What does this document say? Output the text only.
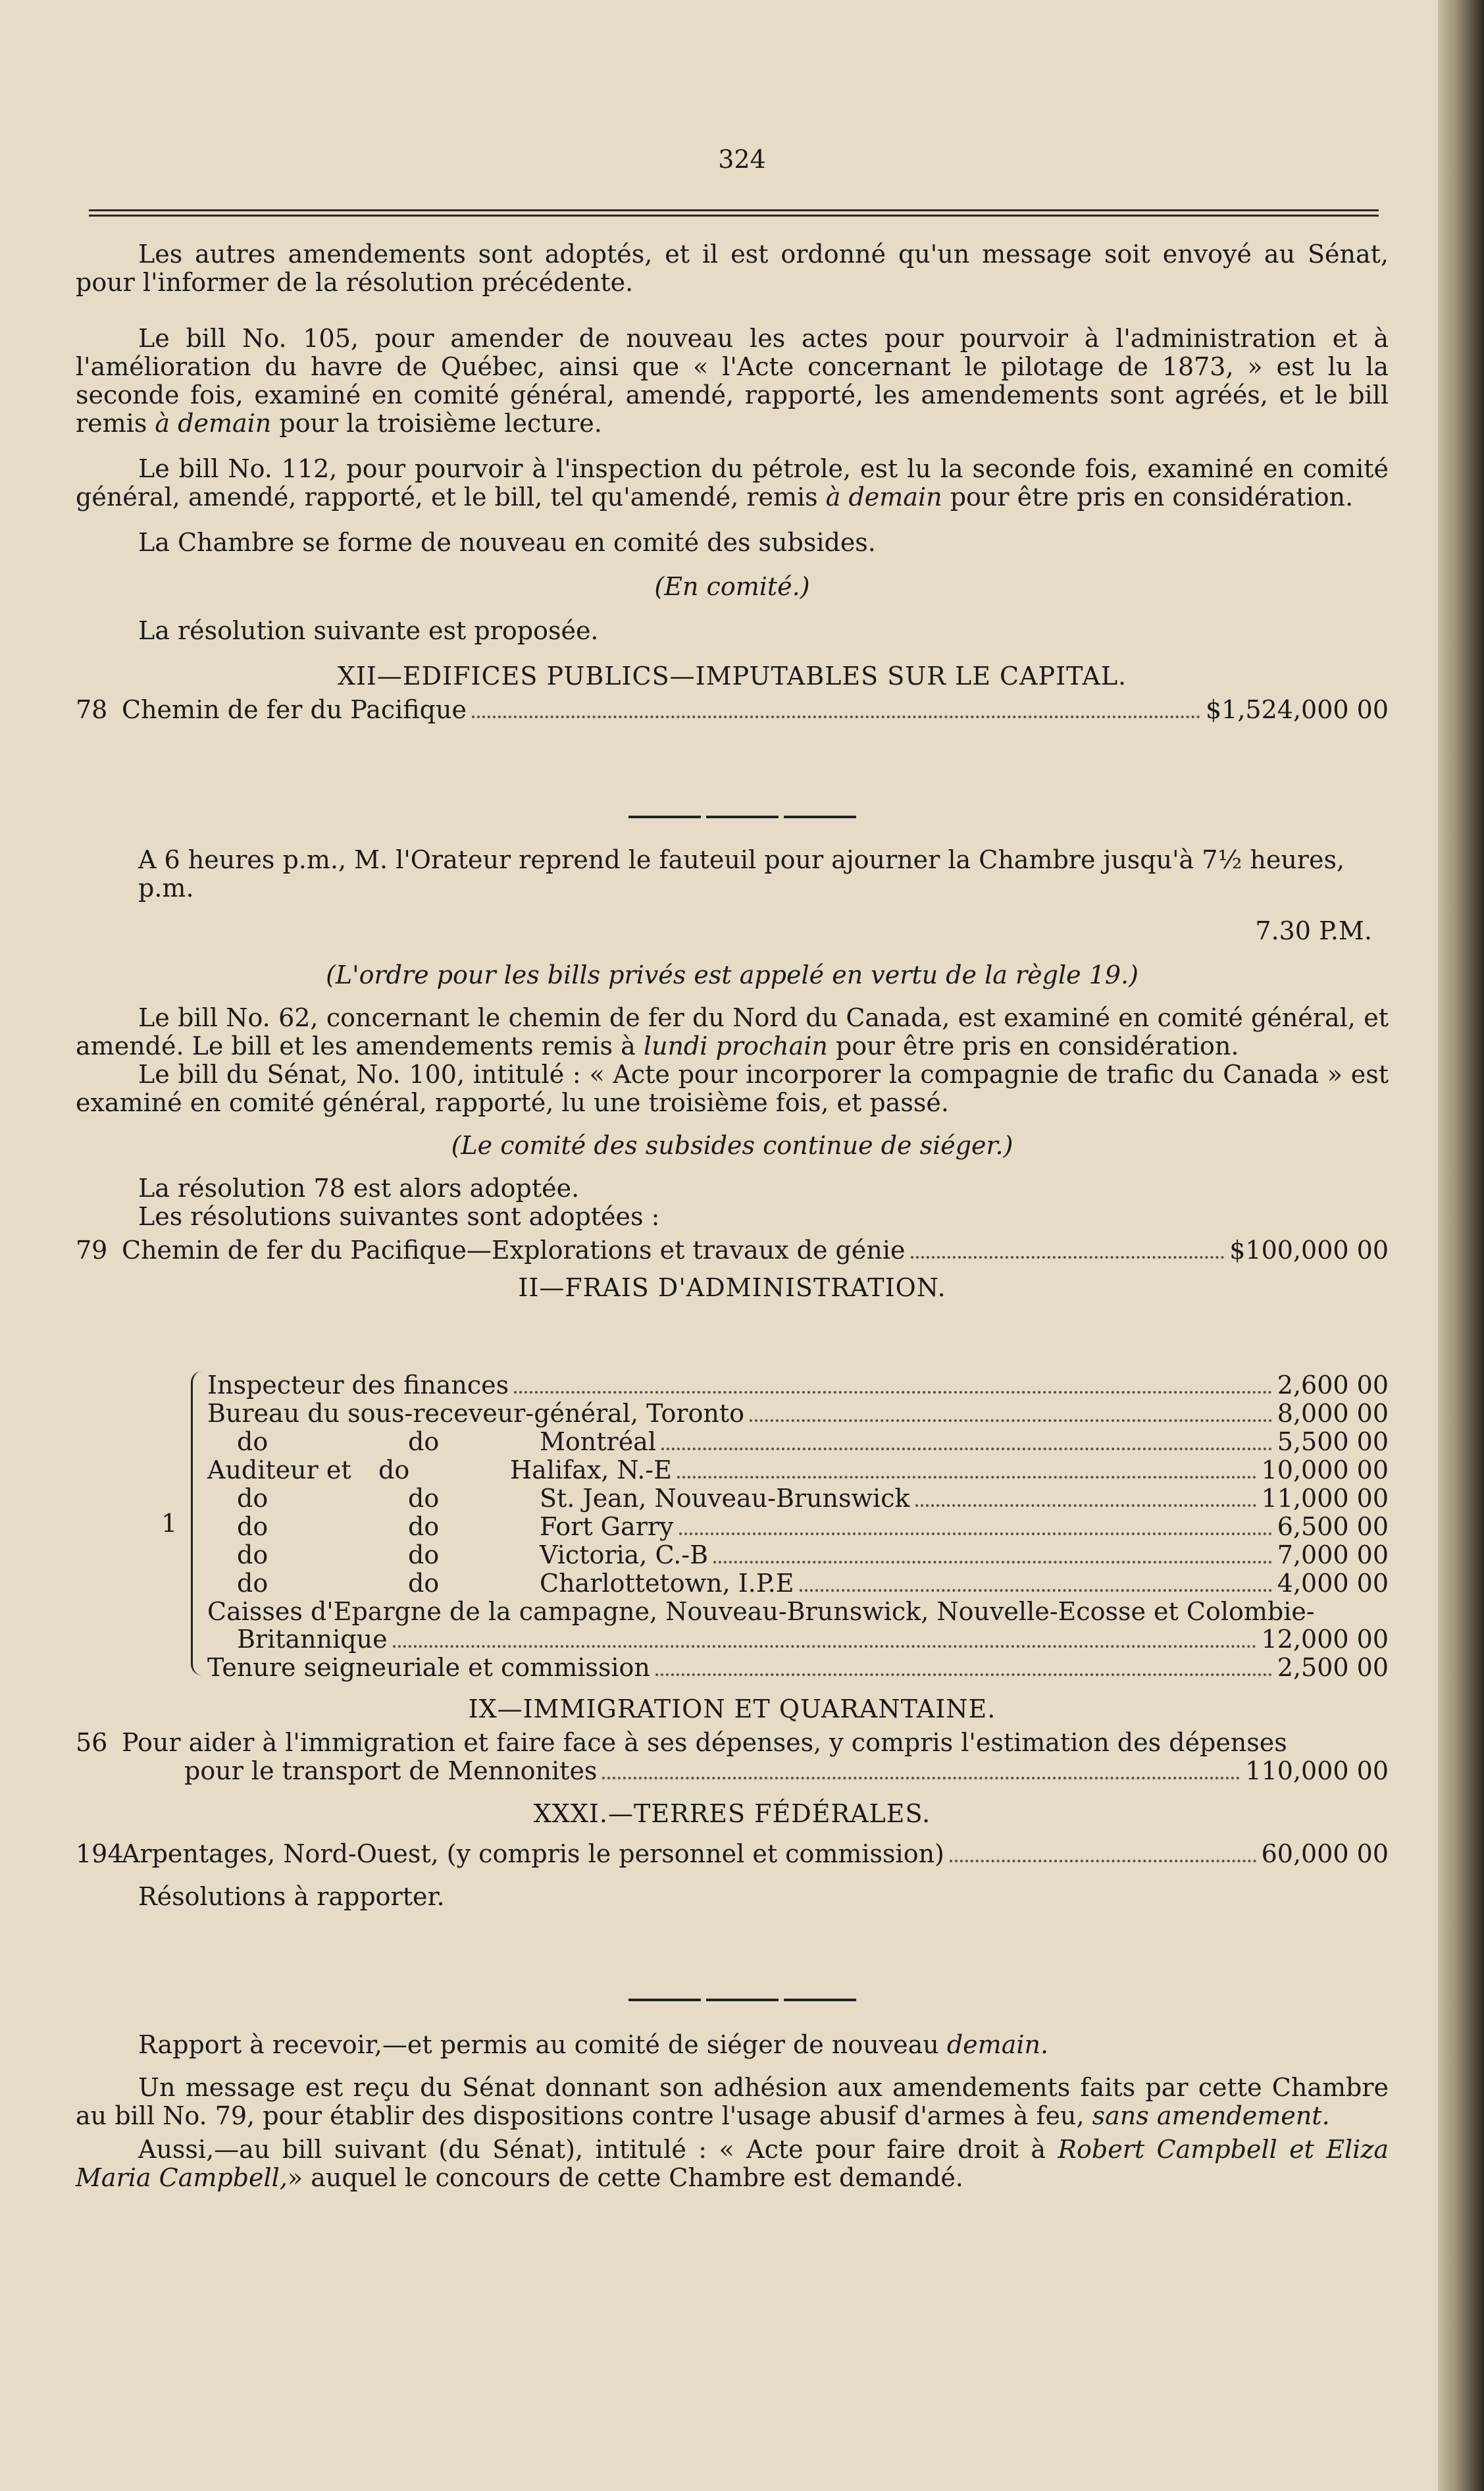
324

Les autres amendements sont adoptés, et il est ordonné qu'un message soit envoyé au Sénat, pour l'informer de la résolution précédente.

Le bill No. 105, pour amender de nouveau les actes pour pourvoir à l'administration et à l'amélioration du havre de Québec, ainsi que « l'Acte concernant le pilotage de 1873, » est lu la seconde fois, examiné en comité général, amendé, rapporté, les amendements sont agréés, et le bill remis à demain pour la troisième lecture.

Le bill No. 112, pour pourvoir à l'inspection du pétrole, est lu la seconde fois, examiné en comité général, amendé, rapporté, et le bill, tel qu'amendé, remis à demain pour être pris en considération.

La Chambre se forme de nouveau en comité des subsides.

(En comité.)

La résolution suivante est proposée.

XII—EDIFICES PUBLICS—IMPUTABLES SUR LE CAPITAL.

78 Chemin de fer du Pacifique	$1,524,000 00

A 6 heures p.m., M. l'Orateur reprend le fauteuil pour ajourner la Chambre jusqu'à 7½ heures, p.m.

7.30 P.M.

(L'ordre pour les bills privés est appelé en vertu de la règle 19.)

Le bill No. 62, concernant le chemin de fer du Nord du Canada, est examiné en comité général, et amendé. Le bill et les amendements remis à lundi prochain pour être pris en considération.

Le bill du Sénat, No. 100, intitulé : « Acte pour incorporer la compagnie de trafic du Canada » est examiné en comité général, rapporté, lu une troisième fois, et passé.

(Le comité des subsides continue de siéger.)

La résolution 78 est alors adoptée.

Les résolutions suivantes sont adoptées :

79 Chemin de fer du Pacifique—Explorations et travaux de génie	$100,000 00

II—FRAIS D'ADMINISTRATION.

1
Inspecteur des finances	2,600 00
Bureau du sous-receveur-général, Toronto	8,000 00
do	do	Montréal	5,500 00
Auditeur et do	Halifax, N.-E	10,000 00
do	do	St. Jean, Nouveau-Brunswick	11,000 00
do	do	Fort Garry	6,500 00
do	do	Victoria, C.-B	7,000 00
do	do	Charlottetown, I.P.E	4,000 00
Caisses d'Epargne de la campagne, Nouveau-Brunswick, Nouvelle-Ecosse et Colombie-
Britannique	12,000 00
Tenure seigneuriale et commission	2,500 00

IX—IMMIGRATION ET QUARANTAINE.

56 Pour aider à l'immigration et faire face à ses dépenses, y compris l'estimation des dépenses
pour le transport de Mennonites	110,000 00

XXXI.—TERRES FÉDÉRALES.

194Arpentages, Nord-Ouest, (y compris le personnel et commission)	60,000 00

Résolutions à rapporter.

Rapport à recevoir,—et permis au comité de siéger de nouveau demain.

Un message est reçu du Sénat donnant son adhésion aux amendements faits par cette Chambre au bill No. 79, pour établir des dispositions contre l'usage abusif d'armes à feu, sans amendement.

Aussi,—au bill suivant (du Sénat), intitulé : « Acte pour faire droit à Robert Campbell et Eliza Maria Campbell,» auquel le concours de cette Chambre est demandé.
